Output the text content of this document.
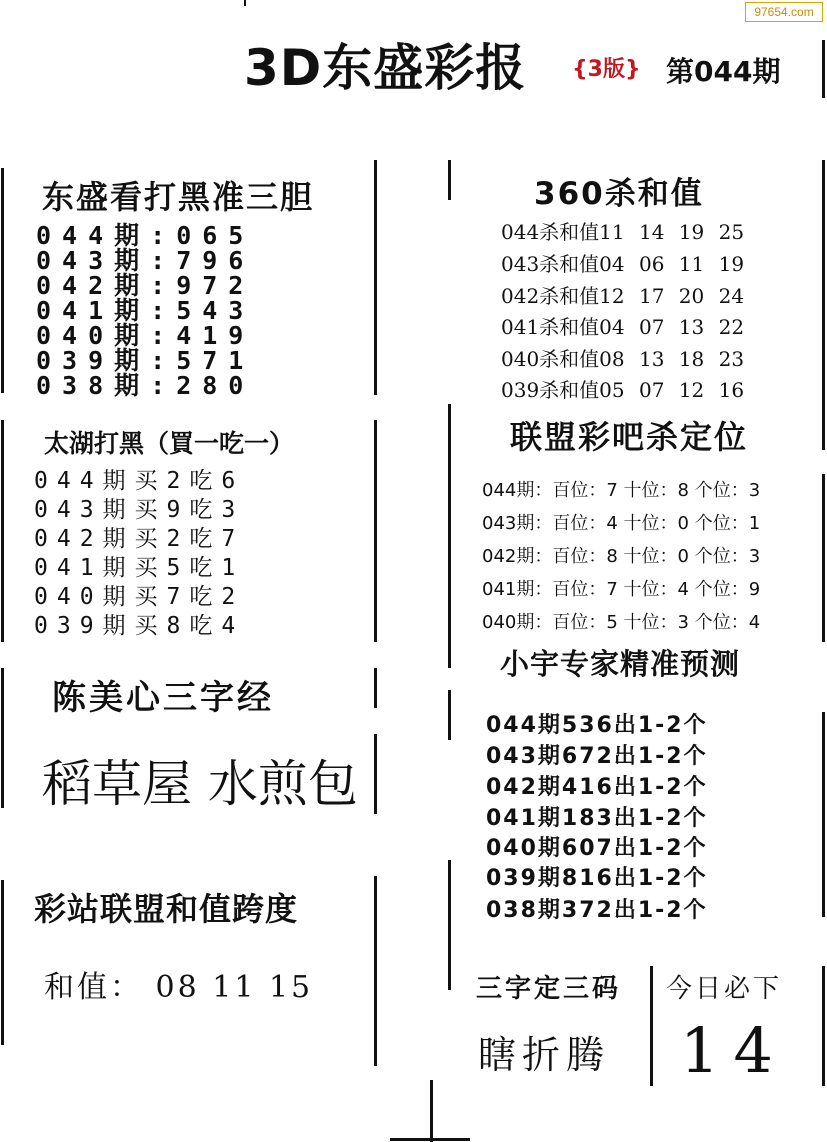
97654.com
3D东盛彩报 {3版} 第044期
东盛看打黑准三胆
044期:065
043期:796
042期:972
041期:543
040期:419
039期:571
038期:280
太湖打黑（買一吃一）
044期买2吃6
043期买9吃3
042期买2吃7
041期买5吃1
040期买7吃2
039期买8吃4
陈美心三字经
稻草屋 水煎包
彩站联盟和值跨度
和值： 08 11 15
360杀和值
044杀和值11 14 19 25
043杀和值04 06 11 19
042杀和值12 17 20 24
041杀和值04 07 13 22
040杀和值08 13 18 23
039杀和值05 07 12 16
联盟彩吧杀定位
044期：百位：7 十位：8 个位：3
043期：百位：4 十位：0 个位：1
042期：百位：8 十位：0 个位：3
041期：百位：7 十位：4 个位：9
040期：百位：5 十位：3 个位：4
小宇专家精准预测
044期536出1-2个
043期672出1-2个
042期416出1-2个
041期183出1-2个
040期607出1-2个
039期816出1-2个
038期372出1-2个
三字定三码
瞎折腾
今日必下
14
